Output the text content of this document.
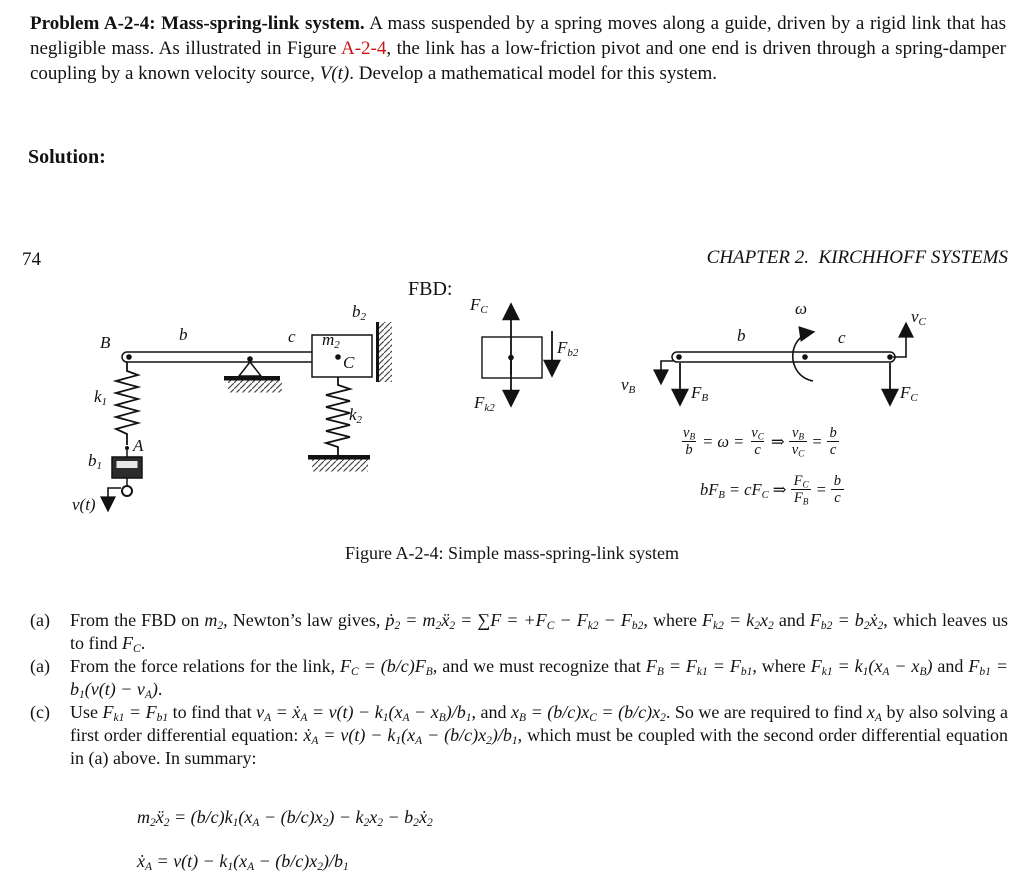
Problem A-2-4: Mass-spring-link system. A mass suspended by a spring moves along a guide, driven by a rigid link that has negligible mass. As illustrated in Figure A-2-4, the link has a low-friction pivot and one end is driven through a spring-damper coupling by a known velocity source, V(t). Develop a mathematical model for this system.

Solution:
74	CHAPTER 2.  KIRCHHOFF SYSTEMS
FBD:
B	b	c $m_2$
C
$b_2$
$k_2$
$k_1$
A
$b_1$
v(t)
$F_C$
$F_{b2}$
$F_{k2}$
b
ω
c
$v_C$
$v_B$	$F_B$	$F_C$
$\frac{v_B}{b} = \omega = \frac{v_C}{c}$ ⇒ $\frac{v_B}{v_C} = \frac{b}{c}$
$bF_B = cF_C$ ⇒ $\frac{F_C}{F_B} = \frac{b}{c}$
Figure A-2-4: Simple mass-spring-link system
(a)	From the FBD on $m_2$, Newton’s law gives, ṗ$_2$ = $m_2ẍ_2 = \sum F = +F_C - F_{k2} - F_{b2}$, where $F_{k2} = k_2x_2$ and $F_{b2}$ = $b_2ẋ_2$, which leaves us to find $F_C$.
(a)	From the force relations for the link, $F_C = (b/c)F_B$, and we must recognize that $F_B = F_{k1} = F_{b1}$, where $F_{k1} = k_1(x_A - x_B)$ and $F_{b1} = b_1(v(t) - v_A)$.
(c)	Use $F_{k1} = F_{b1}$ to find that $v_A$ = ẋ$_A$ = $v(t) - k_1(x_A - x_B)/b_1$, and $x_B = (b/c)x_C = (b/c)x_2$. So we are required to find $x_A$ by also solving a first order differential equation: ẋ$_A$ = $v(t) - k_1(x_A - (b/c)x_2)/b_1$, which must be coupled with the second order differential equation in (a) above. In summary:
$m_2ẍ_2 = (b/c)k_1(x_A - (b/c)x_2) - k_2x_2$ − $b_2ẋ_2$
ẋ$_A$ = $v(t) - k_1(x_A - (b/c)x_2)/b_1$
